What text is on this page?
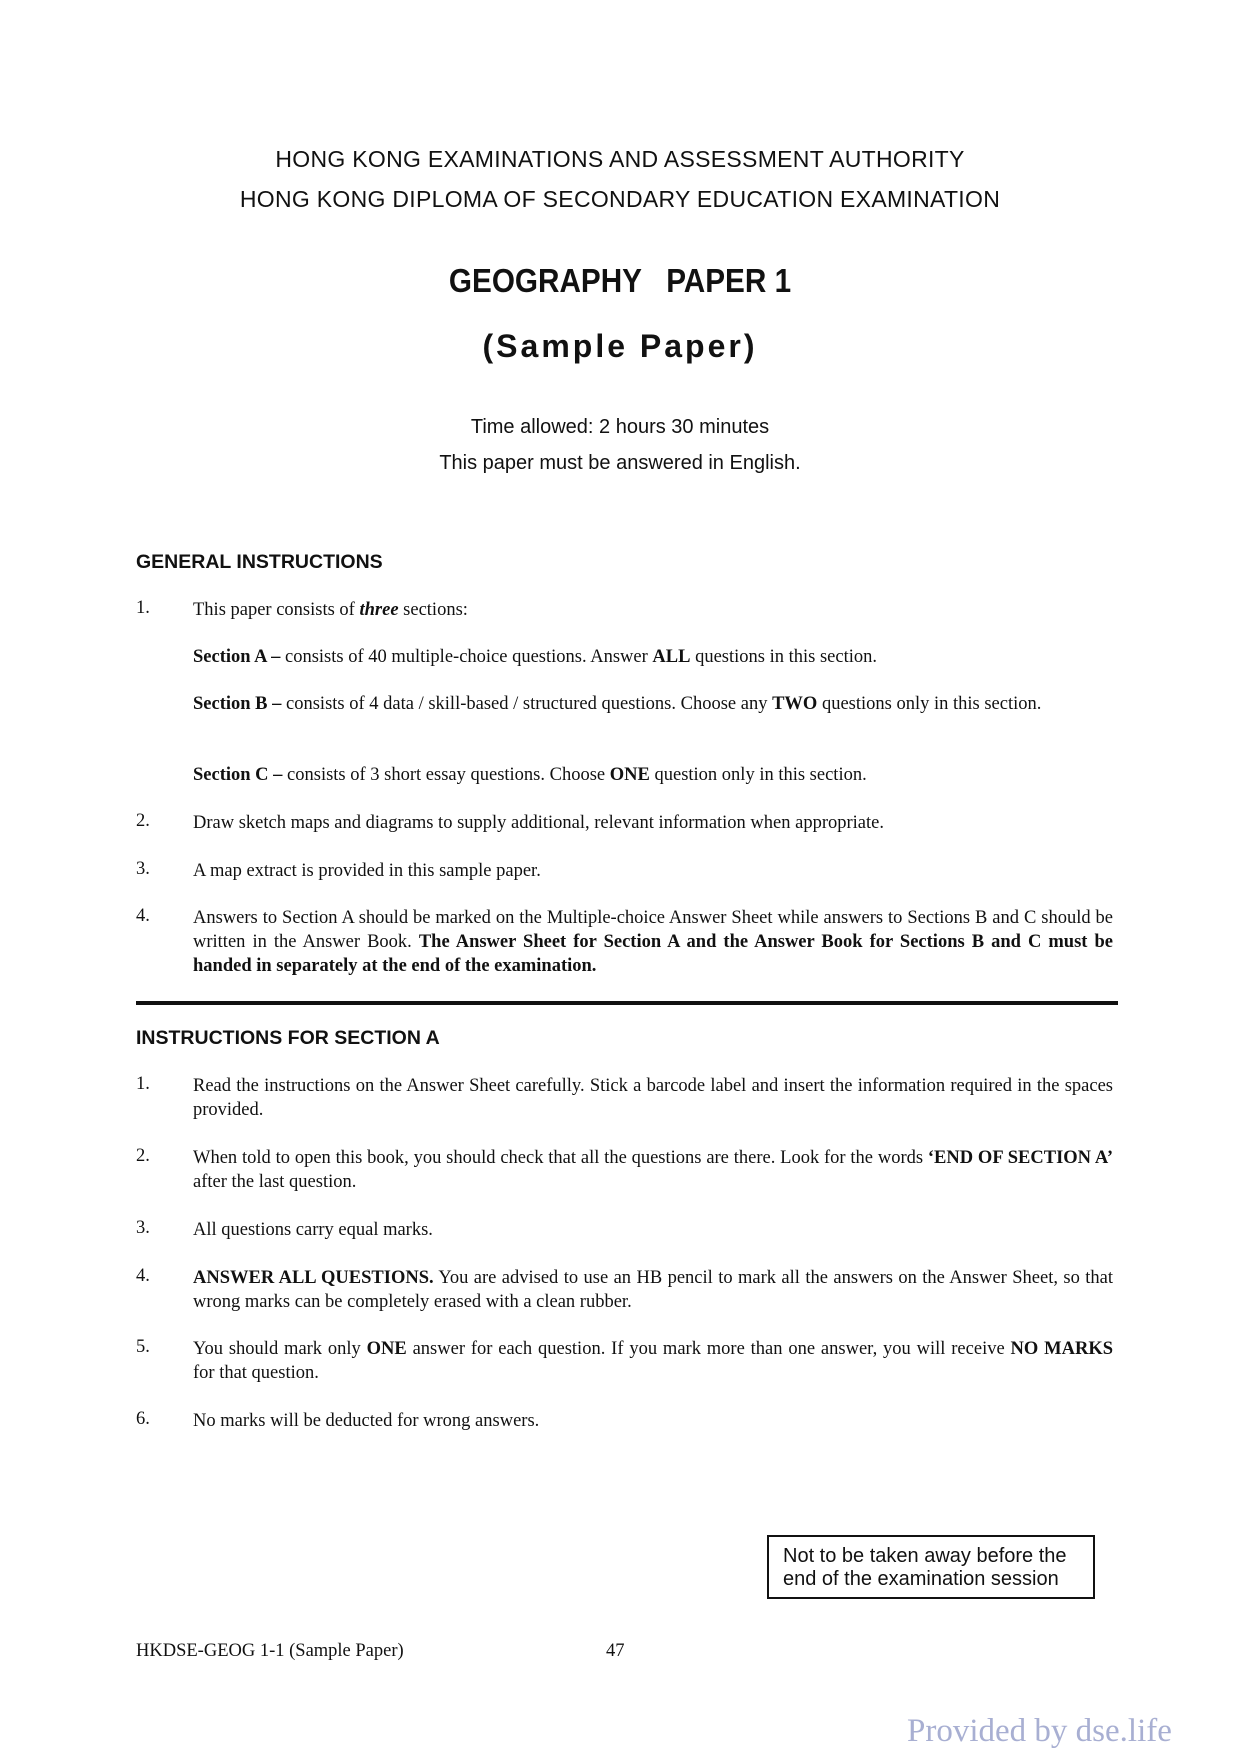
HONG KONG EXAMINATIONS AND ASSESSMENT AUTHORITY
HONG KONG DIPLOMA OF SECONDARY EDUCATION EXAMINATION
GEOGRAPHY   PAPER 1
(Sample Paper)
Time allowed: 2 hours 30 minutes
This paper must be answered in English.
GENERAL INSTRUCTIONS
1. This paper consists of three sections:
Section A – consists of 40 multiple-choice questions. Answer ALL questions in this section.
Section B – consists of 4 data / skill-based / structured questions. Choose any TWO questions only in this section.
Section C – consists of 3 short essay questions. Choose ONE question only in this section.
2. Draw sketch maps and diagrams to supply additional, relevant information when appropriate.
3. A map extract is provided in this sample paper.
4. Answers to Section A should be marked on the Multiple-choice Answer Sheet while answers to Sections B and C should be written in the Answer Book. The Answer Sheet for Section A and the Answer Book for Sections B and C must be handed in separately at the end of the examination.
INSTRUCTIONS FOR SECTION A
1. Read the instructions on the Answer Sheet carefully. Stick a barcode label and insert the information required in the spaces provided.
2. When told to open this book, you should check that all the questions are there. Look for the words ‘END OF SECTION A’ after the last question.
3. All questions carry equal marks.
4. ANSWER ALL QUESTIONS. You are advised to use an HB pencil to mark all the answers on the Answer Sheet, so that wrong marks can be completely erased with a clean rubber.
5. You should mark only ONE answer for each question. If you mark more than one answer, you will receive NO MARKS for that question.
6. No marks will be deducted for wrong answers.
Not to be taken away before the
end of the examination session
HKDSE-GEOG 1-1 (Sample Paper)	47
Provided by dse.life
